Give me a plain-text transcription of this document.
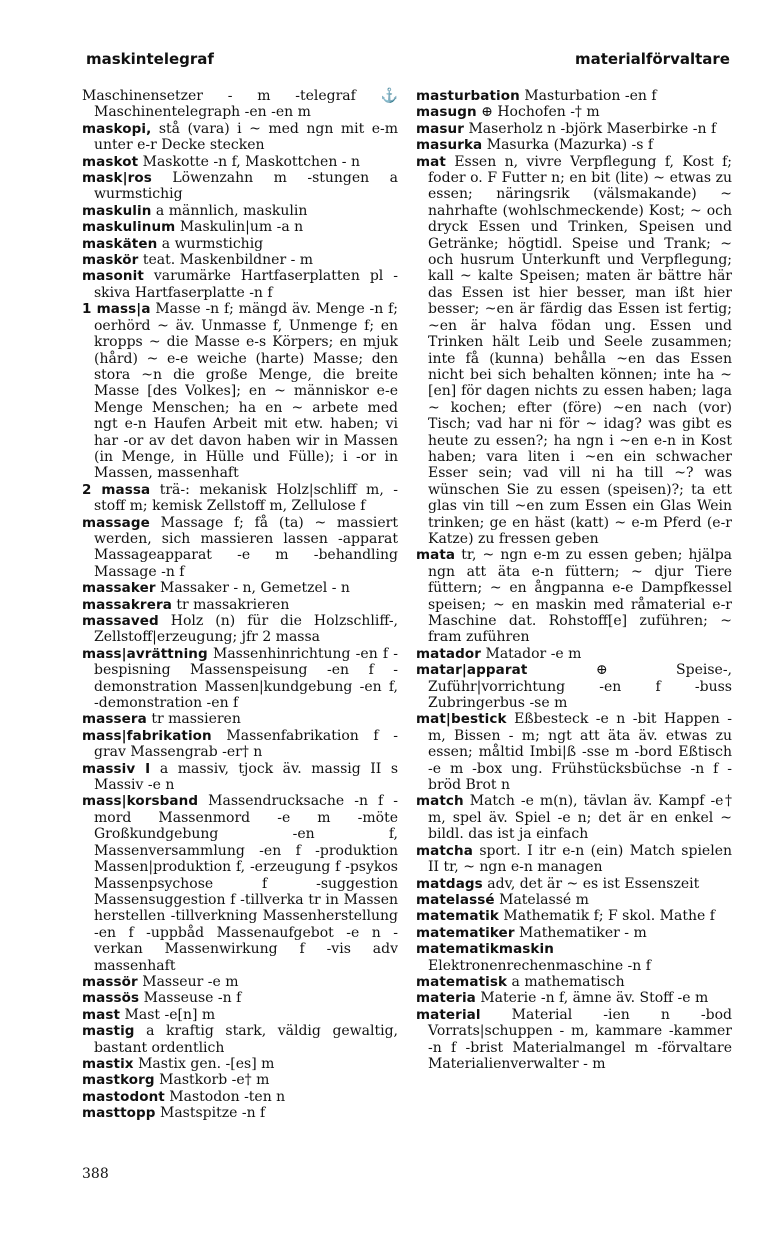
maskintelegraf	materialförvaltare

Maschinensetzer - m -telegraf ⚓ Maschinentelegraph -en -en m

maskopi, stå (vara) i ~ med ngn mit e-m unter e-r Decke stecken

maskot Maskotte -n f, Maskottchen - n

mask|ros Löwenzahn m -stungen a wurmstichig

maskulin a männlich, maskulin

maskulinum Maskulin|um -a n

maskäten a wurmstichig

maskör teat. Maskenbildner - m

masonit varumärke Hartfaserplatten pl -skiva Hartfaserplatte -n f

1 mass|a Masse -n f; mängd äv. Menge -n f; oerhörd ~ äv. Unmasse f, Unmenge f; en kropps ~ die Masse e-s Körpers; en mjuk (hård) ~ e-e weiche (harte) Masse; den stora ~n die große Menge, die breite Masse [des Volkes]; en ~ människor e-e Menge Menschen; ha en ~ arbete med ngt e-n Haufen Arbeit mit etw. haben; vi har -or av det davon haben wir in Massen (in Menge, in Hülle und Fülle); i -or in Massen, massenhaft

2 massa trä-: mekanisk Holz|schliff m, -stoff m; kemisk Zellstoff m, Zellulose f

massage Massage f; få (ta) ~ massiert werden, sich massieren lassen -apparat Massageapparat -e m -behandling Massage -n f

massaker Massaker - n, Gemetzel - n

massakrera tr massakrieren

massaved Holz (n) für die Holzschliff-, Zellstoff|erzeugung; jfr 2 massa

mass|avrättning Massenhinrichtung -en f -bespisning Massenspeisung -en f -demonstration Massen|kundgebung -en f, -demonstration -en f

massera tr massieren

mass|fabrikation Massenfabrikation f -grav Massengrab -er† n

massiv I a massiv, tjock äv. massig II s Massiv -e n

mass|korsband Massendrucksache -n f -mord Massenmord -e m -möte Großkundgebung -en f, Massenversammlung -en f -produktion Massen|produktion f, -erzeugung f -psykos Massenpsychose f -suggestion Massensuggestion f -tillverka tr in Massen herstellen -tillverkning Massenherstellung -en f -uppbåd Massenaufgebot -e n -verkan Massenwirkung f -vis adv massenhaft

massör Masseur -e m

massös Masseuse -n f

mast Mast -e[n] m

mastig a kraftig stark, väldig gewaltig, bastant ordentlich

mastix Mastix gen. -[es] m

mastkorg Mastkorb -e† m

mastodont Mastodon -ten n

masttopp Mastspitze -n f

masturbation Masturbation -en f

masugn ⊕ Hochofen -† m

masur Maserholz n -björk Maserbirke -n f

masurka Masurka (Mazurka) -s f

mat Essen n, vivre Verpflegung f, Kost f; foder o. F Futter n; en bit (lite) ~ etwas zu essen; näringsrik (välsmakande) ~ nahrhafte (wohlschmeckende) Kost; ~ och dryck Essen und Trinken, Speisen und Getränke; högtidl. Speise und Trank; ~ och husrum Unterkunft und Verpflegung; kall ~ kalte Speisen; maten är bättre här das Essen ist hier besser, man ißt hier besser; ~en är färdig das Essen ist fertig; ~en är halva födan ung. Essen und Trinken hält Leib und Seele zusammen; inte få (kunna) behålla ~en das Essen nicht bei sich behalten können; inte ha ~[en] för dagen nichts zu essen haben; laga ~ kochen; efter (före) ~en nach (vor) Tisch; vad har ni för ~ idag? was gibt es heute zu essen?; ha ngn i ~en e-n in Kost haben; vara liten i ~en ein schwacher Esser sein; vad vill ni ha till ~? was wünschen Sie zu essen (speisen)?; ta ett glas vin till ~en zum Essen ein Glas Wein trinken; ge en häst (katt) ~ e-m Pferd (e-r Katze) zu fressen geben

mata tr, ~ ngn e-m zu essen geben; hjälpa ngn att äta e-n füttern; ~ djur Tiere füttern; ~ en ångpanna e-e Dampfkessel speisen; ~ en maskin med råmaterial e-r Maschine dat. Rohstoff[e] zuführen; ~ fram zuführen

matador Matador -e m

matar|apparat	⊕ Speise-, Zuführ|vorrichtung -en f -buss Zubringerbus -se m

mat|bestick Eßbesteck -e n -bit Happen - m, Bissen - m; ngt att äta äv. etwas zu essen; måltid Imbi|ß -sse m -bord Eßtisch -e m -box ung. Frühstücksbüchse -n f -bröd Brot n

match Match -e m(n), tävlan äv. Kampf -e† m, spel äv. Spiel -e n; det är en enkel ~ bildl. das ist ja einfach

matcha sport. I itr e-n (ein) Match spielen II tr, ~ ngn e-n managen

matdags adv, det är ~ es ist Essenszeit

matelassé Matelassé m

matematik Mathematik f; F skol. Mathe f

matematiker Mathematiker - m

matematikmaskin Elektronenrechenmaschine -n f

matematisk a mathematisch

materia Materie -n f, ämne äv. Stoff -e m

material Material -ien n -bod Vorrats|schuppen - m, kammare -kammer -n f -brist Materialmangel m -förvaltare Materialienverwalter - m

388
